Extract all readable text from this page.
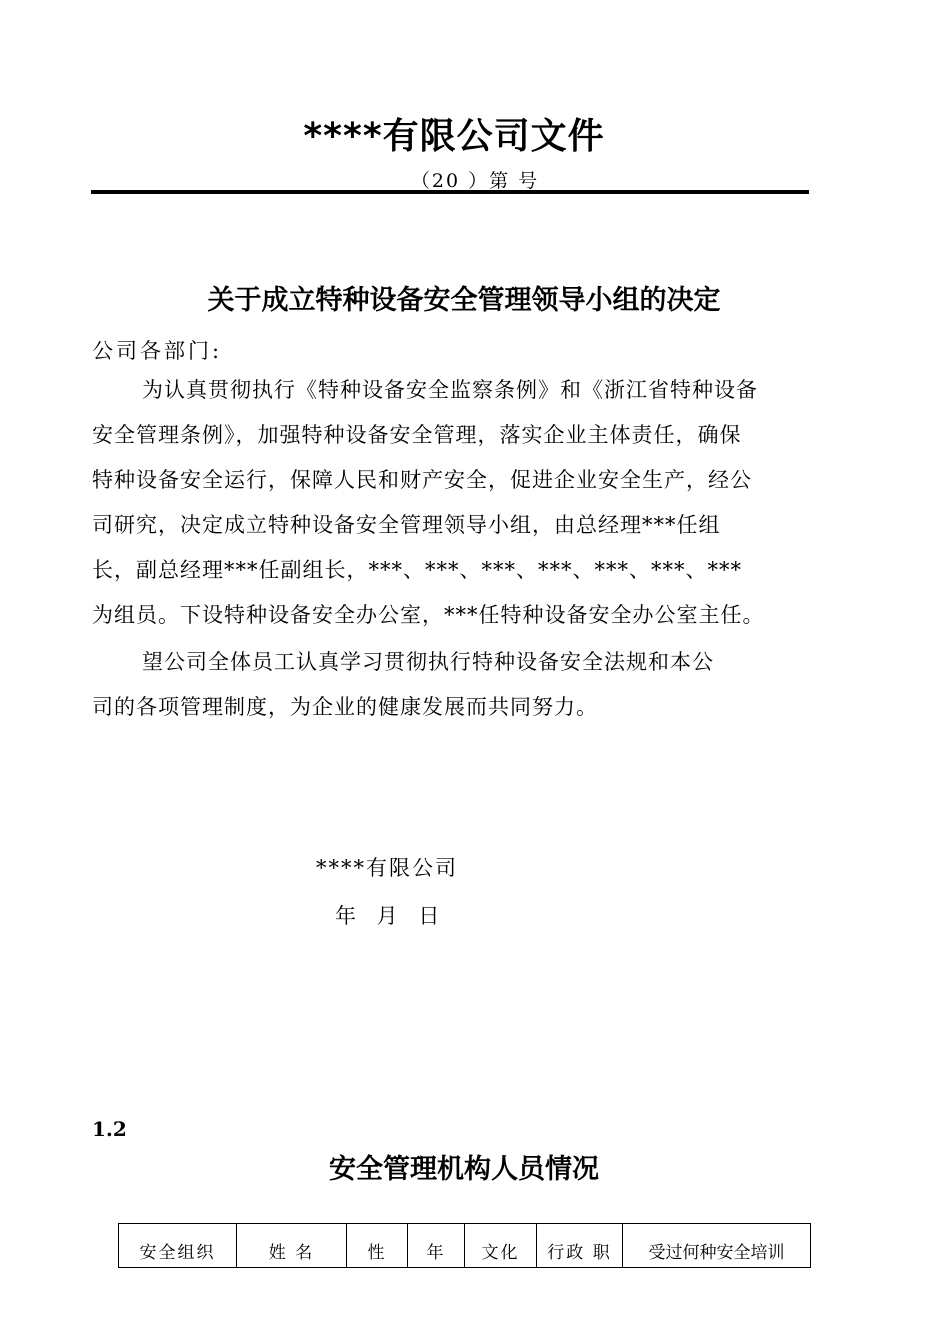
****有限公司文件
（20 ）第 号
关于成立特种设备安全管理领导小组的决定
公司各部门:
为认真贯彻执行《特种设备安全监察条例》和《浙江省特种设备
安全管理条例》，加强特种设备安全管理，落实企业主体责任，确保
特种设备安全运行，保障人民和财产安全，促进企业安全生产，经公
司研究，决定成立特种设备安全管理领导小组，由总经理***任组
长，副总经理***任副组长，***、***、***、***、***、***、***
为组员。下设特种设备安全办公室，***任特种设备安全办公室主任。
望公司全体员工认真学习贯彻执行特种设备安全法规和本公
司的各项管理制度，为企业的健康发展而共同努力。
****有限公司
年 月 日
1.2
安全管理机构人员情况
安全组织	姓 名	性	年	文化	行政 职	受过何种安全培训
